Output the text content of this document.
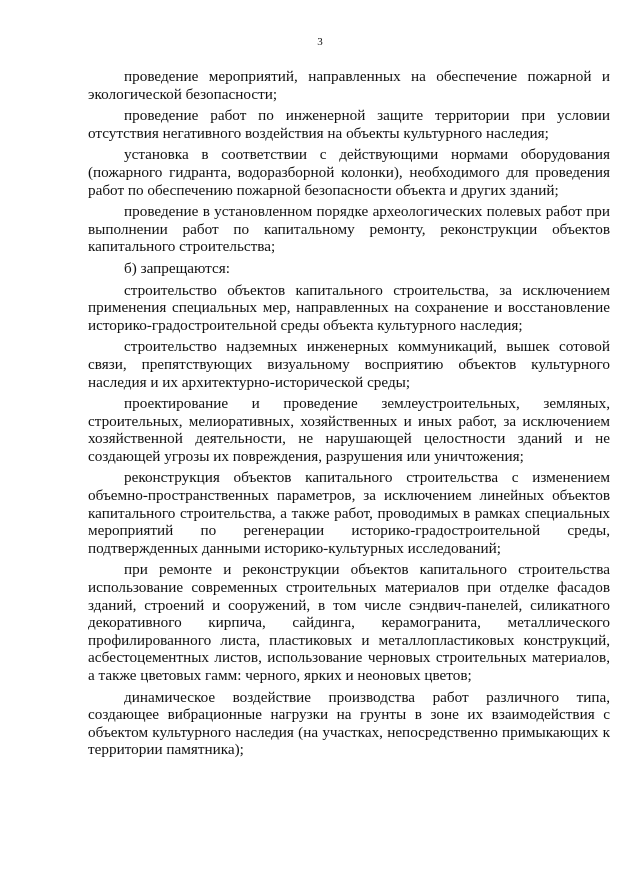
3

проведение мероприятий, направленных на обеспечение пожарной и экологической безопасности;

проведение работ по инженерной защите территории при условии отсутствия негативного воздействия на объекты культурного наследия;

установка в соответствии с действующими нормами оборудования (пожарного гидранта, водоразборной колонки), необходимого для проведения работ по обеспечению пожарной безопасности объекта и других зданий;

проведение в установленном порядке археологических полевых работ при выполнении работ по капитальному ремонту, реконструкции объектов капитального строительства;

б) запрещаются:

строительство объектов капитального строительства, за исключением применения специальных мер, направленных на сохранение и восстановление историко-градостроительной среды объекта культурного наследия;

строительство надземных инженерных коммуникаций, вышек сотовой связи, препятствующих визуальному восприятию объектов культурного наследия и их архитектурно-исторической среды;

проектирование и проведение землеустроительных, земляных, строительных, мелиоративных, хозяйственных и иных работ, за исключением хозяйственной деятельности, не нарушающей целостности зданий и не создающей угрозы их повреждения, разрушения или уничтожения;

реконструкция объектов капитального строительства с изменением объемно-пространственных параметров, за исключением линейных объектов капитального строительства, а также работ, проводимых в рамках специальных мероприятий по регенерации историко-градостроительной среды, подтвержденных данными историко-культурных исследований;

при ремонте и реконструкции объектов капитального строительства использование современных строительных материалов при отделке фасадов зданий, строений и сооружений, в том числе сэндвич-панелей, силикатного декоративного кирпича, сайдинга, керамогранита, металлического профилированного листа, пластиковых и металлопластиковых конструкций, асбестоцементных листов, использование черновых строительных материалов, а также цветовых гамм: черного, ярких и неоновых цветов;

динамическое воздействие производства работ различного типа, создающее вибрационные нагрузки на грунты в зоне их взаимодействия с объектом культурного наследия (на участках, непосредственно примыкающих к территории памятника);
